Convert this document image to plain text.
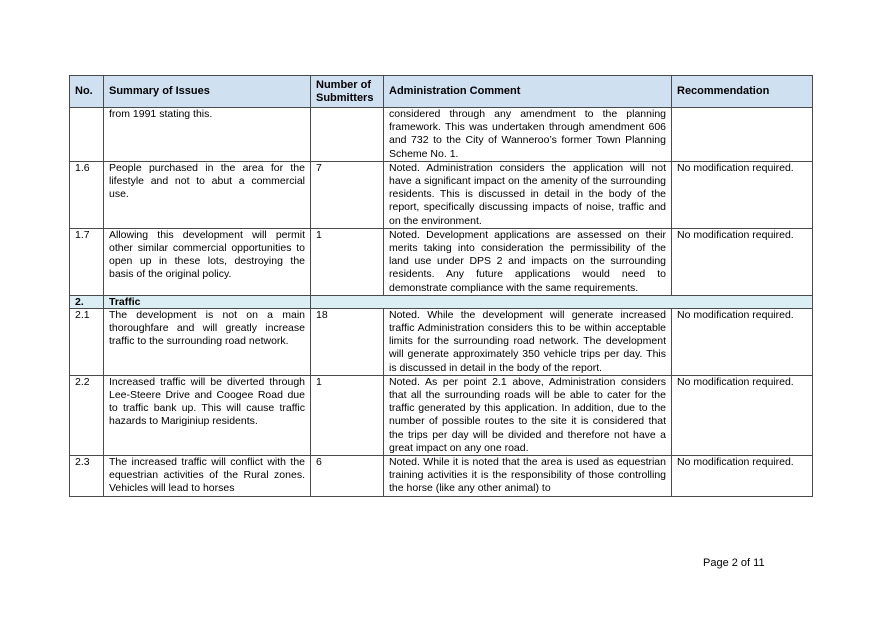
No.	Summary of Issues	Number of Submitters	Administration Comment	Recommendation
	from 1991 stating this.		considered through any amendment to the planning framework. This was undertaken through amendment 606 and 732 to the City of Wanneroo’s former Town Planning Scheme No. 1.	
1.6	People purchased in the area for the lifestyle and not to abut a commercial use.	7	Noted. Administration considers the application will not have a significant impact on the amenity of the surrounding residents. This is discussed in detail in the body of the report, specifically discussing impacts of noise, traffic and on the environment.	No modification required.
1.7	Allowing this development will permit other similar commercial opportunities to open up in these lots, destroying the basis of the original policy.	1	Noted. Development applications are assessed on their merits taking into consideration the permissibility of the land use under DPS 2 and impacts on the surrounding residents. Any future applications would need to demonstrate compliance with the same requirements.	No modification required.
2.	Traffic			
2.1	The development is not on a main thoroughfare and will greatly increase traffic to the surrounding road network.	18	Noted. While the development will generate increased traffic Administration considers this to be within acceptable limits for the surrounding road network. The development will generate approximately 350 vehicle trips per day. This is discussed in detail in the body of the report.	No modification required.
2.2	Increased traffic will be diverted through Lee-Steere Drive and Coogee Road due to traffic bank up. This will cause traffic hazards to Mariginiup residents.	1	Noted. As per point 2.1 above, Administration considers that all the surrounding roads will be able to cater for the traffic generated by this application. In addition, due to the number of possible routes to the site it is considered that the trips per day will be divided and therefore not have a great impact on any one road.	No modification required.
2.3	The increased traffic will conflict with the equestrian activities of the Rural zones. Vehicles will lead to horses	6	Noted. While it is noted that the area is used as equestrian training activities it is the responsibility of those controlling the horse (like any other animal) to	No modification required.
Page 2 of 11
